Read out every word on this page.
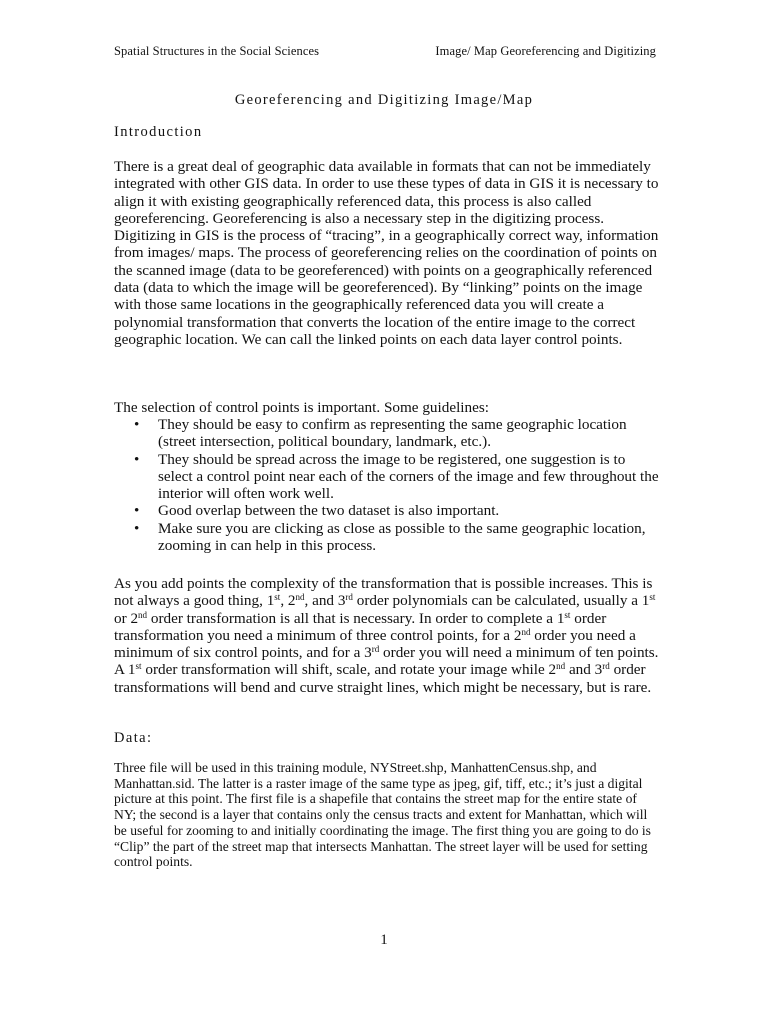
Spatial Structures in the Social Sciences	Image/ Map Georeferencing and Digitizing
Georeferencing and Digitizing Image/Map
Introduction
There is a great deal of geographic data available in formats that can not be immediately integrated with other GIS data. In order to use these types of data in GIS it is necessary to align it with existing geographically referenced data, this process is also called georeferencing. Georeferencing is also a necessary step in the digitizing process. Digitizing in GIS is the process of “tracing”, in a geographically correct way, information from images/ maps. The process of georeferencing relies on the coordination of points on the scanned image (data to be georeferenced) with points on a geographically referenced data (data to which the image will be georeferenced). By “linking” points on the image with those same locations in the geographically referenced data you will create a polynomial transformation that converts the location of the entire image to the correct geographic location. We can call the linked points on each data layer control points.
The selection of control points is important. Some guidelines:
• They should be easy to confirm as representing the same geographic location (street intersection, political boundary, landmark, etc.).
• They should be spread across the image to be registered, one suggestion is to select a control point near each of the corners of the image and few throughout the interior will often work well.
• Good overlap between the two dataset is also important.
• Make sure you are clicking as close as possible to the same geographic location, zooming in can help in this process.
As you add points the complexity of the transformation that is possible increases. This is not always a good thing, 1st, 2nd, and 3rd order polynomials can be calculated, usually a 1st or 2nd order transformation is all that is necessary. In order to complete a 1st order transformation you need a minimum of three control points, for a 2nd order you need a minimum of six control points, and for a 3rd order you will need a minimum of ten points. A 1st order transformation will shift, scale, and rotate your image while 2nd and 3rd order transformations will bend and curve straight lines, which might be necessary, but is rare.
Data:
Three file will be used in this training module, NYStreet.shp, ManhattenCensus.shp, and Manhattan.sid. The latter is a raster image of the same type as jpeg, gif, tiff, etc.; it’s just a digital picture at this point. The first file is a shapefile that contains the street map for the entire state of NY; the second is a layer that contains only the census tracts and extent for Manhattan, which will be useful for zooming to and initially coordinating the image. The first thing you are going to do is “Clip” the part of the street map that intersects Manhattan. The street layer will be used for setting control points.
1
